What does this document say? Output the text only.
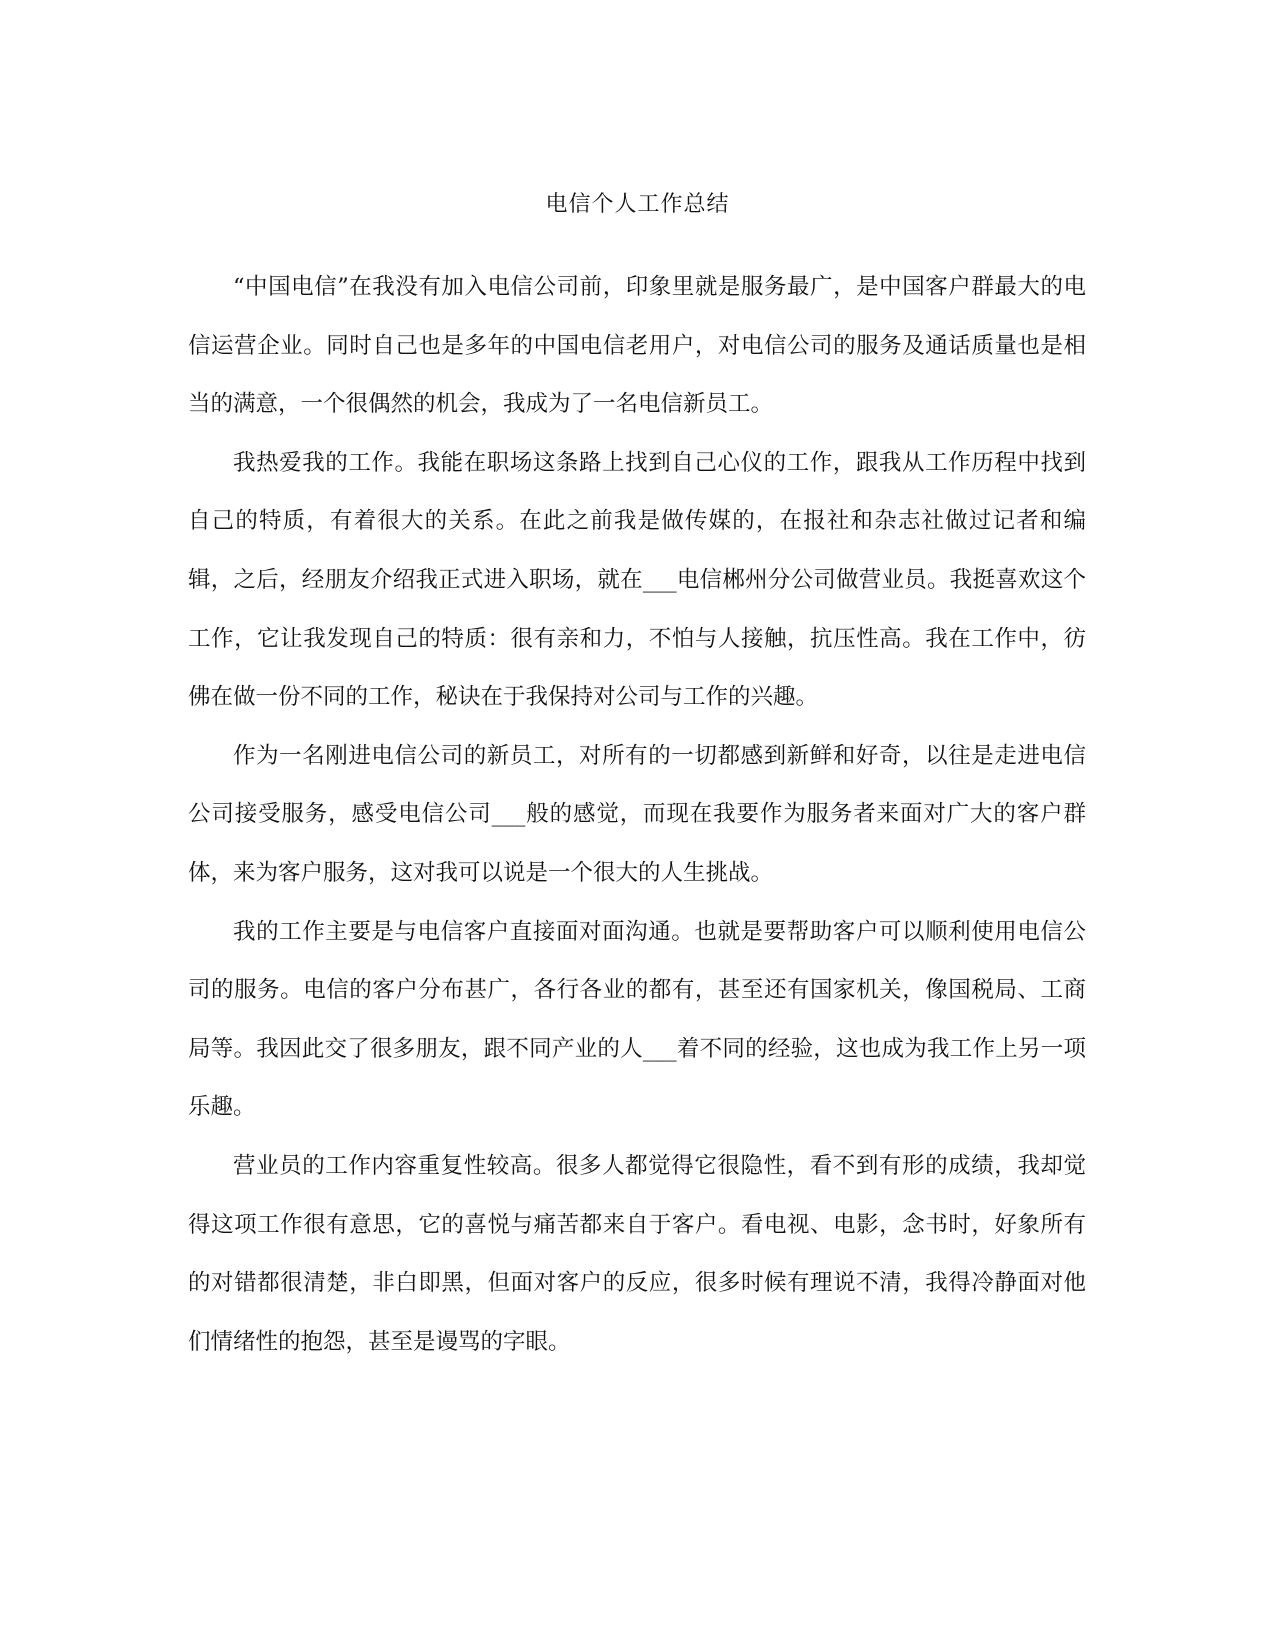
电信个人工作总结

“中国电信”在我没有加入电信公司前，印象里就是服务最广，是中国客户群最大的电信运营企业。同时自己也是多年的中国电信老用户，对电信公司的服务及通话质量也是相当的满意，一个很偶然的机会，我成为了一名电信新员工。

我热爱我的工作。我能在职场这条路上找到自己心仪的工作，跟我从工作历程中找到自己的特质，有着很大的关系。在此之前我是做传媒的，在报社和杂志社做过记者和编辑，之后，经朋友介绍我正式进入职场，就在___电信郴州分公司做营业员。我挺喜欢这个工作，它让我发现自己的特质：很有亲和力，不怕与人接触，抗压性高。我在工作中，彷佛在做一份不同的工作，秘诀在于我保持对公司与工作的兴趣。

作为一名刚进电信公司的新员工，对所有的一切都感到新鲜和好奇，以往是走进电信公司接受服务，感受电信公司___般的感觉，而现在我要作为服务者来面对广大的客户群体，来为客户服务，这对我可以说是一个很大的人生挑战。

我的工作主要是与电信客户直接面对面沟通。也就是要帮助客户可以顺利使用电信公司的服务。电信的客户分布甚广，各行各业的都有，甚至还有国家机关，像国税局、工商局等。我因此交了很多朋友，跟不同产业的人___着不同的经验，这也成为我工作上另一项乐趣。

营业员的工作内容重复性较高。很多人都觉得它很隐性，看不到有形的成绩，我却觉得这项工作很有意思，它的喜悦与痛苦都来自于客户。看电视、电影，念书时，好象所有的对错都很清楚，非白即黑，但面对客户的反应，很多时候有理说不清，我得冷静面对他们情绪性的抱怨，甚至是谩骂的字眼。
